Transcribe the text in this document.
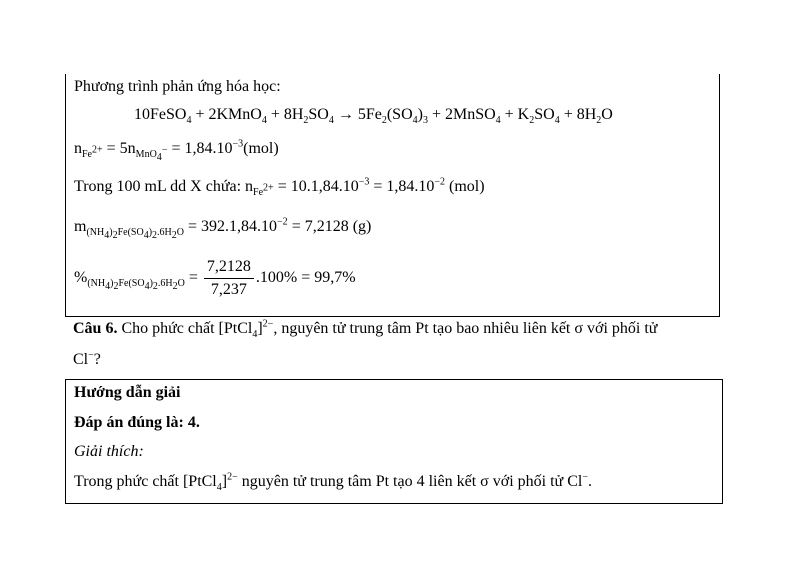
Phương trình phản ứng hóa học:
10FeSO$_4$ + 2KMnO$_4$ + $8H_2SO_4 \to 5Fe_2(SO_4)_3$ + 2MnSO$_4$ + $K_2SO_4 + 8H_2O$
$n_{Fe^{2+}} = 5n_{MnO_4^-} = 1,84.10^{-3}(mol)$
Trong 100 mL dd X chứa: $n_{Fe^{2+}} = 10.1,84.10^{-3} = 1,84.10^{-2}$ (mol)
$m_{(NH_4)_2Fe(SO_4)_2.6H_2O} = 392.1,84.10^{-2} = 7,2128$ (g)
$\%_{(NH_4)_2Fe(SO_4)_2.6H_2O} = \frac{7,2128}{7,237} .100\% = 99,7\%$
Câu 6. Cho phức chất [PtCl$_4$]$^{2-}$, nguyên tử trung tâm Pt tạo bao nhiêu liên kết σ với phối tử
Cl−?
Hướng dẫn giải
Đáp án đúng là: 4.
Giải thích:
Trong phức chất [PtCl$_4$]$^{2-}$ nguyên tử trung tâm Pt tạo 4 liên kết σ với phối tử Cl−.
